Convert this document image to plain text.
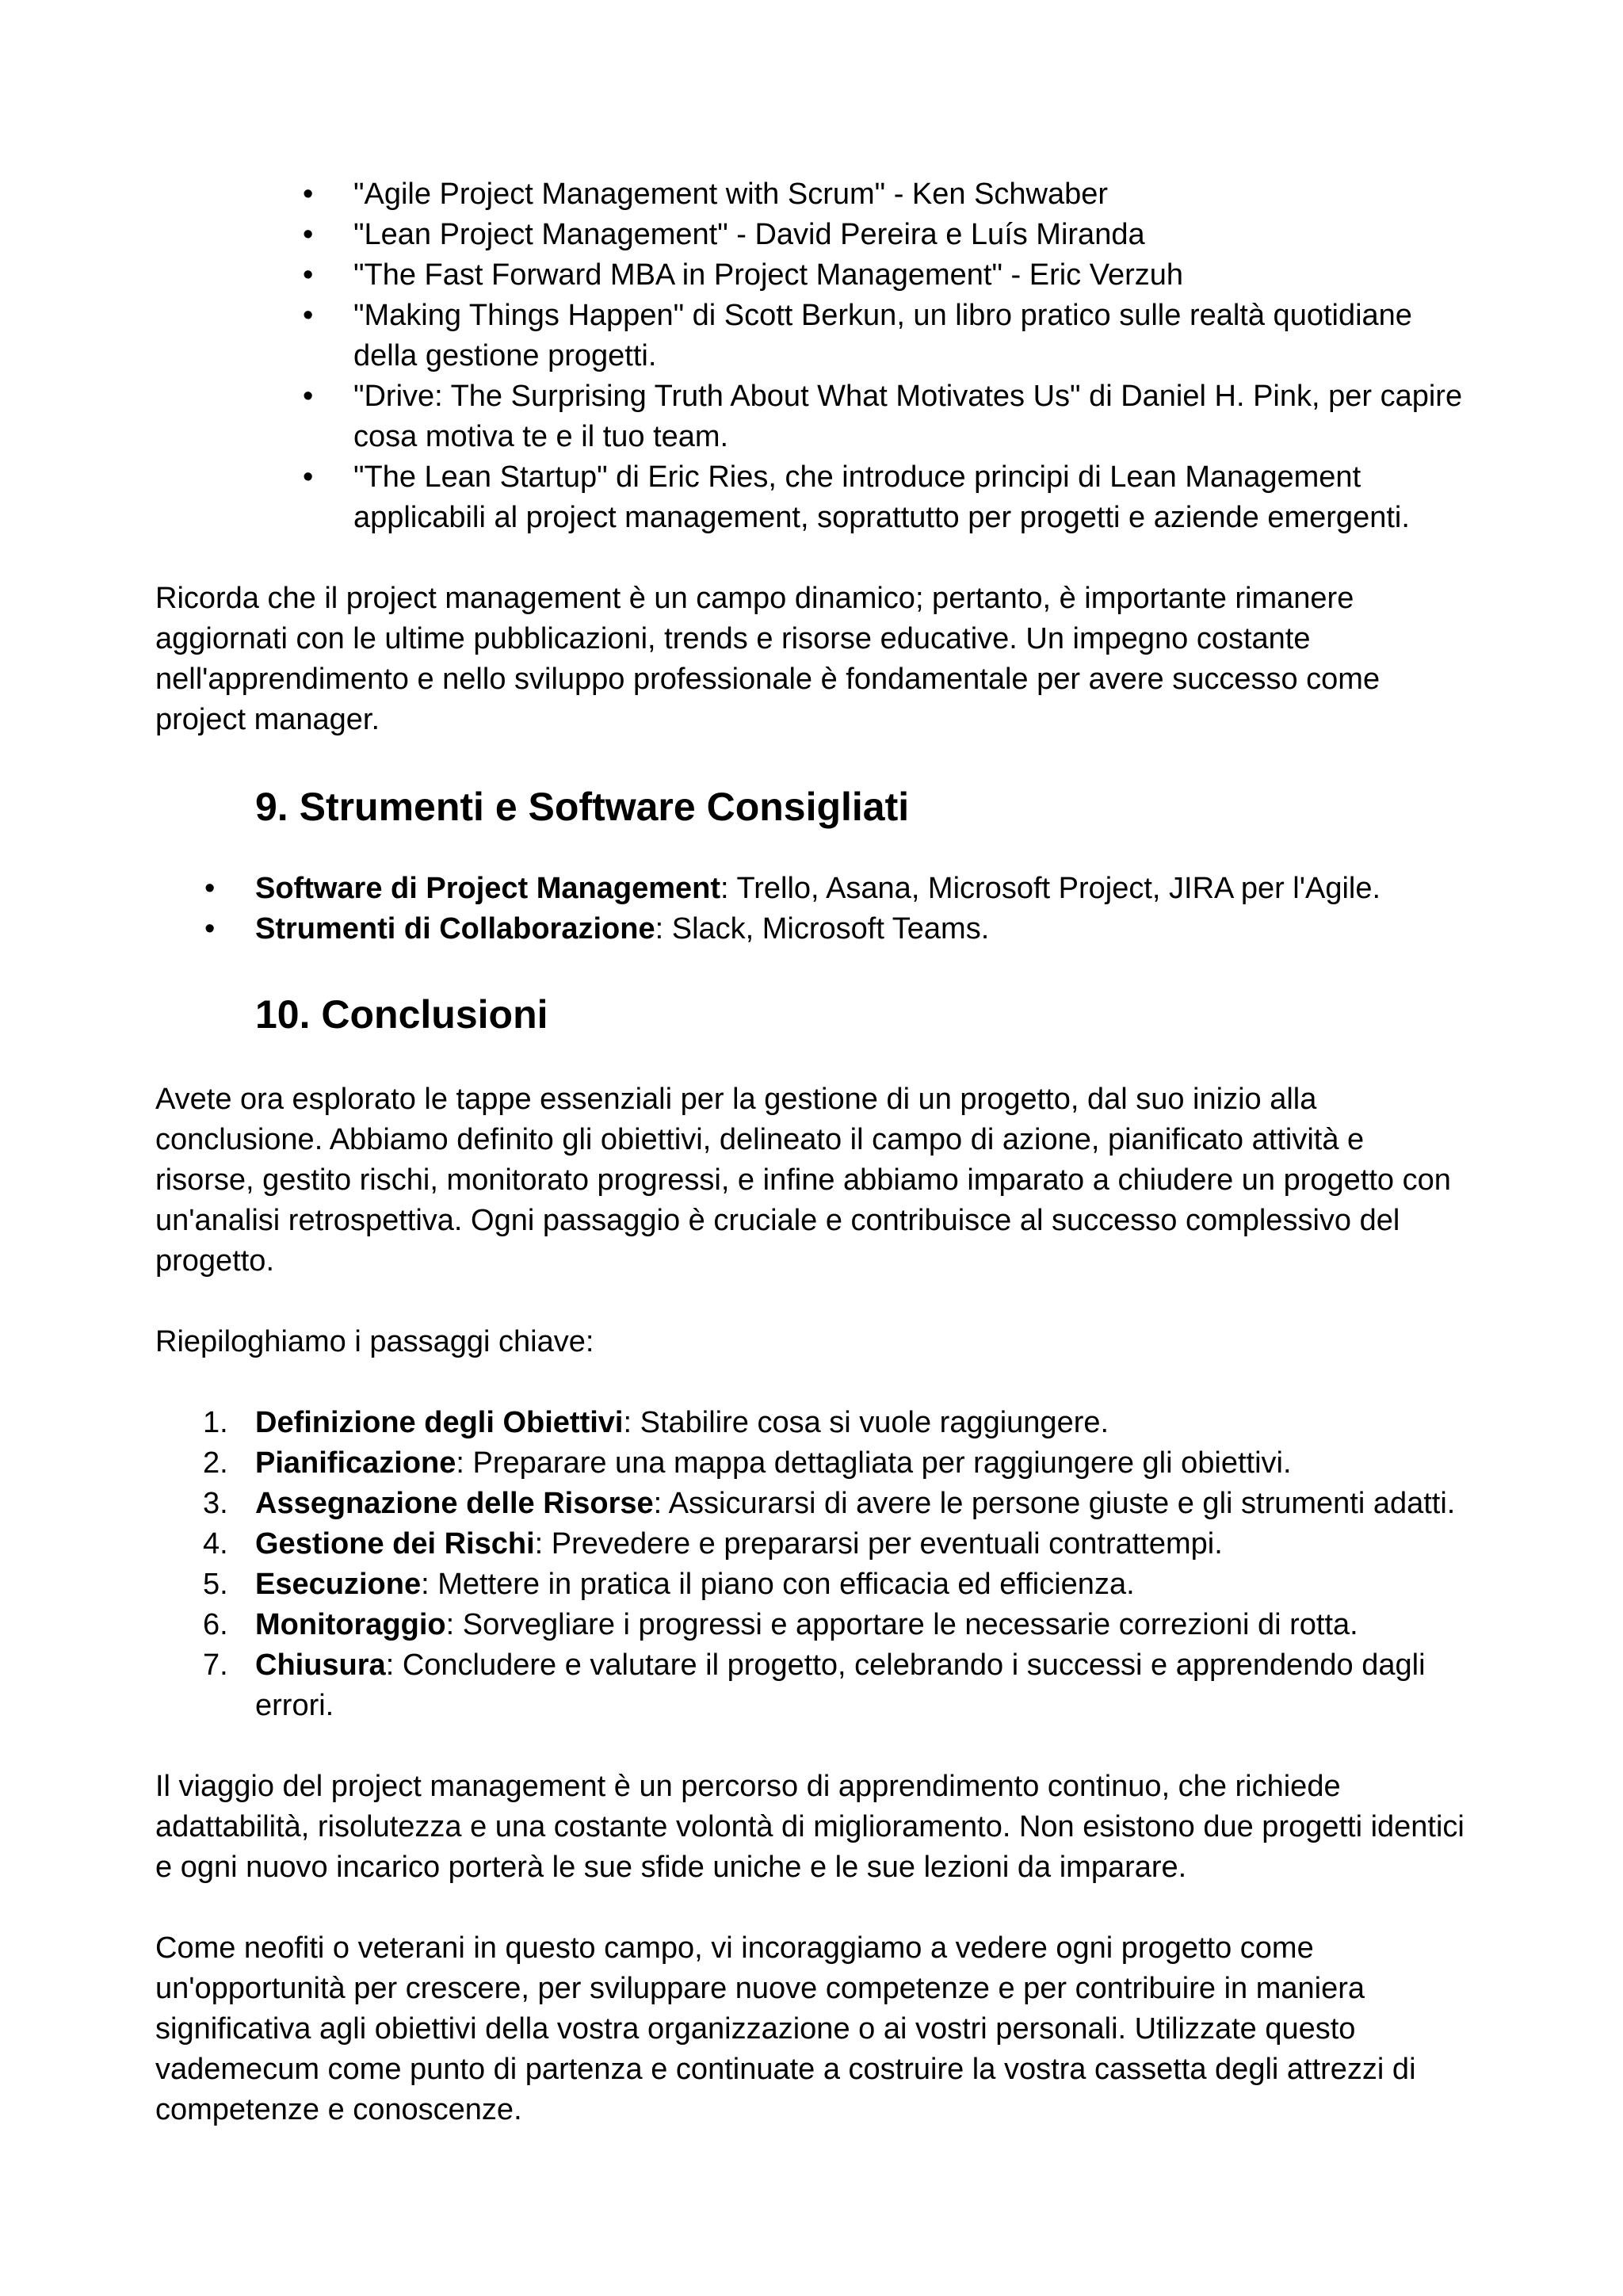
• "Agile Project Management with Scrum" - Ken Schwaber
• "Lean Project Management" - David Pereira e Luís Miranda
• "The Fast Forward MBA in Project Management" - Eric Verzuh
• "Making Things Happen" di Scott Berkun, un libro pratico sulle realtà quotidiane della gestione progetti.
• "Drive: The Surprising Truth About What Motivates Us" di Daniel H. Pink, per capire cosa motiva te e il tuo team.
• "The Lean Startup" di Eric Ries, che introduce principi di Lean Management applicabili al project management, soprattutto per progetti e aziende emergenti.

Ricorda che il project management è un campo dinamico; pertanto, è importante rimanere aggiornati con le ultime pubblicazioni, trends e risorse educative. Un impegno costante nell'apprendimento e nello sviluppo professionale è fondamentale per avere successo come project manager.

9. Strumenti e Software Consigliati
• Software di Project Management: Trello, Asana, Microsoft Project, JIRA per l'Agile.
• Strumenti di Collaborazione: Slack, Microsoft Teams.
10. Conclusioni

Avete ora esplorato le tappe essenziali per la gestione di un progetto, dal suo inizio alla conclusione. Abbiamo definito gli obiettivi, delineato il campo di azione, pianificato attività e risorse, gestito rischi, monitorato progressi, e infine abbiamo imparato a chiudere un progetto con un'analisi retrospettiva. Ogni passaggio è cruciale e contribuisce al successo complessivo del progetto.

Riepiloghiamo i passaggi chiave:

1. Definizione degli Obiettivi: Stabilire cosa si vuole raggiungere.
2. Pianificazione: Preparare una mappa dettagliata per raggiungere gli obiettivi.
3. Assegnazione delle Risorse: Assicurarsi di avere le persone giuste e gli strumenti adatti.
4. Gestione dei Rischi: Prevedere e prepararsi per eventuali contrattempi.
5. Esecuzione: Mettere in pratica il piano con efficacia ed efficienza.
6. Monitoraggio: Sorvegliare i progressi e apportare le necessarie correzioni di rotta.
7. Chiusura: Concludere e valutare il progetto, celebrando i successi e apprendendo dagli errori.

Il viaggio del project management è un percorso di apprendimento continuo, che richiede adattabilità, risolutezza e una costante volontà di miglioramento. Non esistono due progetti identici e ogni nuovo incarico porterà le sue sfide uniche e le sue lezioni da imparare.

Come neofiti o veterani in questo campo, vi incoraggiamo a vedere ogni progetto come un'opportunità per crescere, per sviluppare nuove competenze e per contribuire in maniera significativa agli obiettivi della vostra organizzazione o ai vostri personali. Utilizzate questo vademecum come punto di partenza e continuate a costruire la vostra cassetta degli attrezzi di competenze e conoscenze.
